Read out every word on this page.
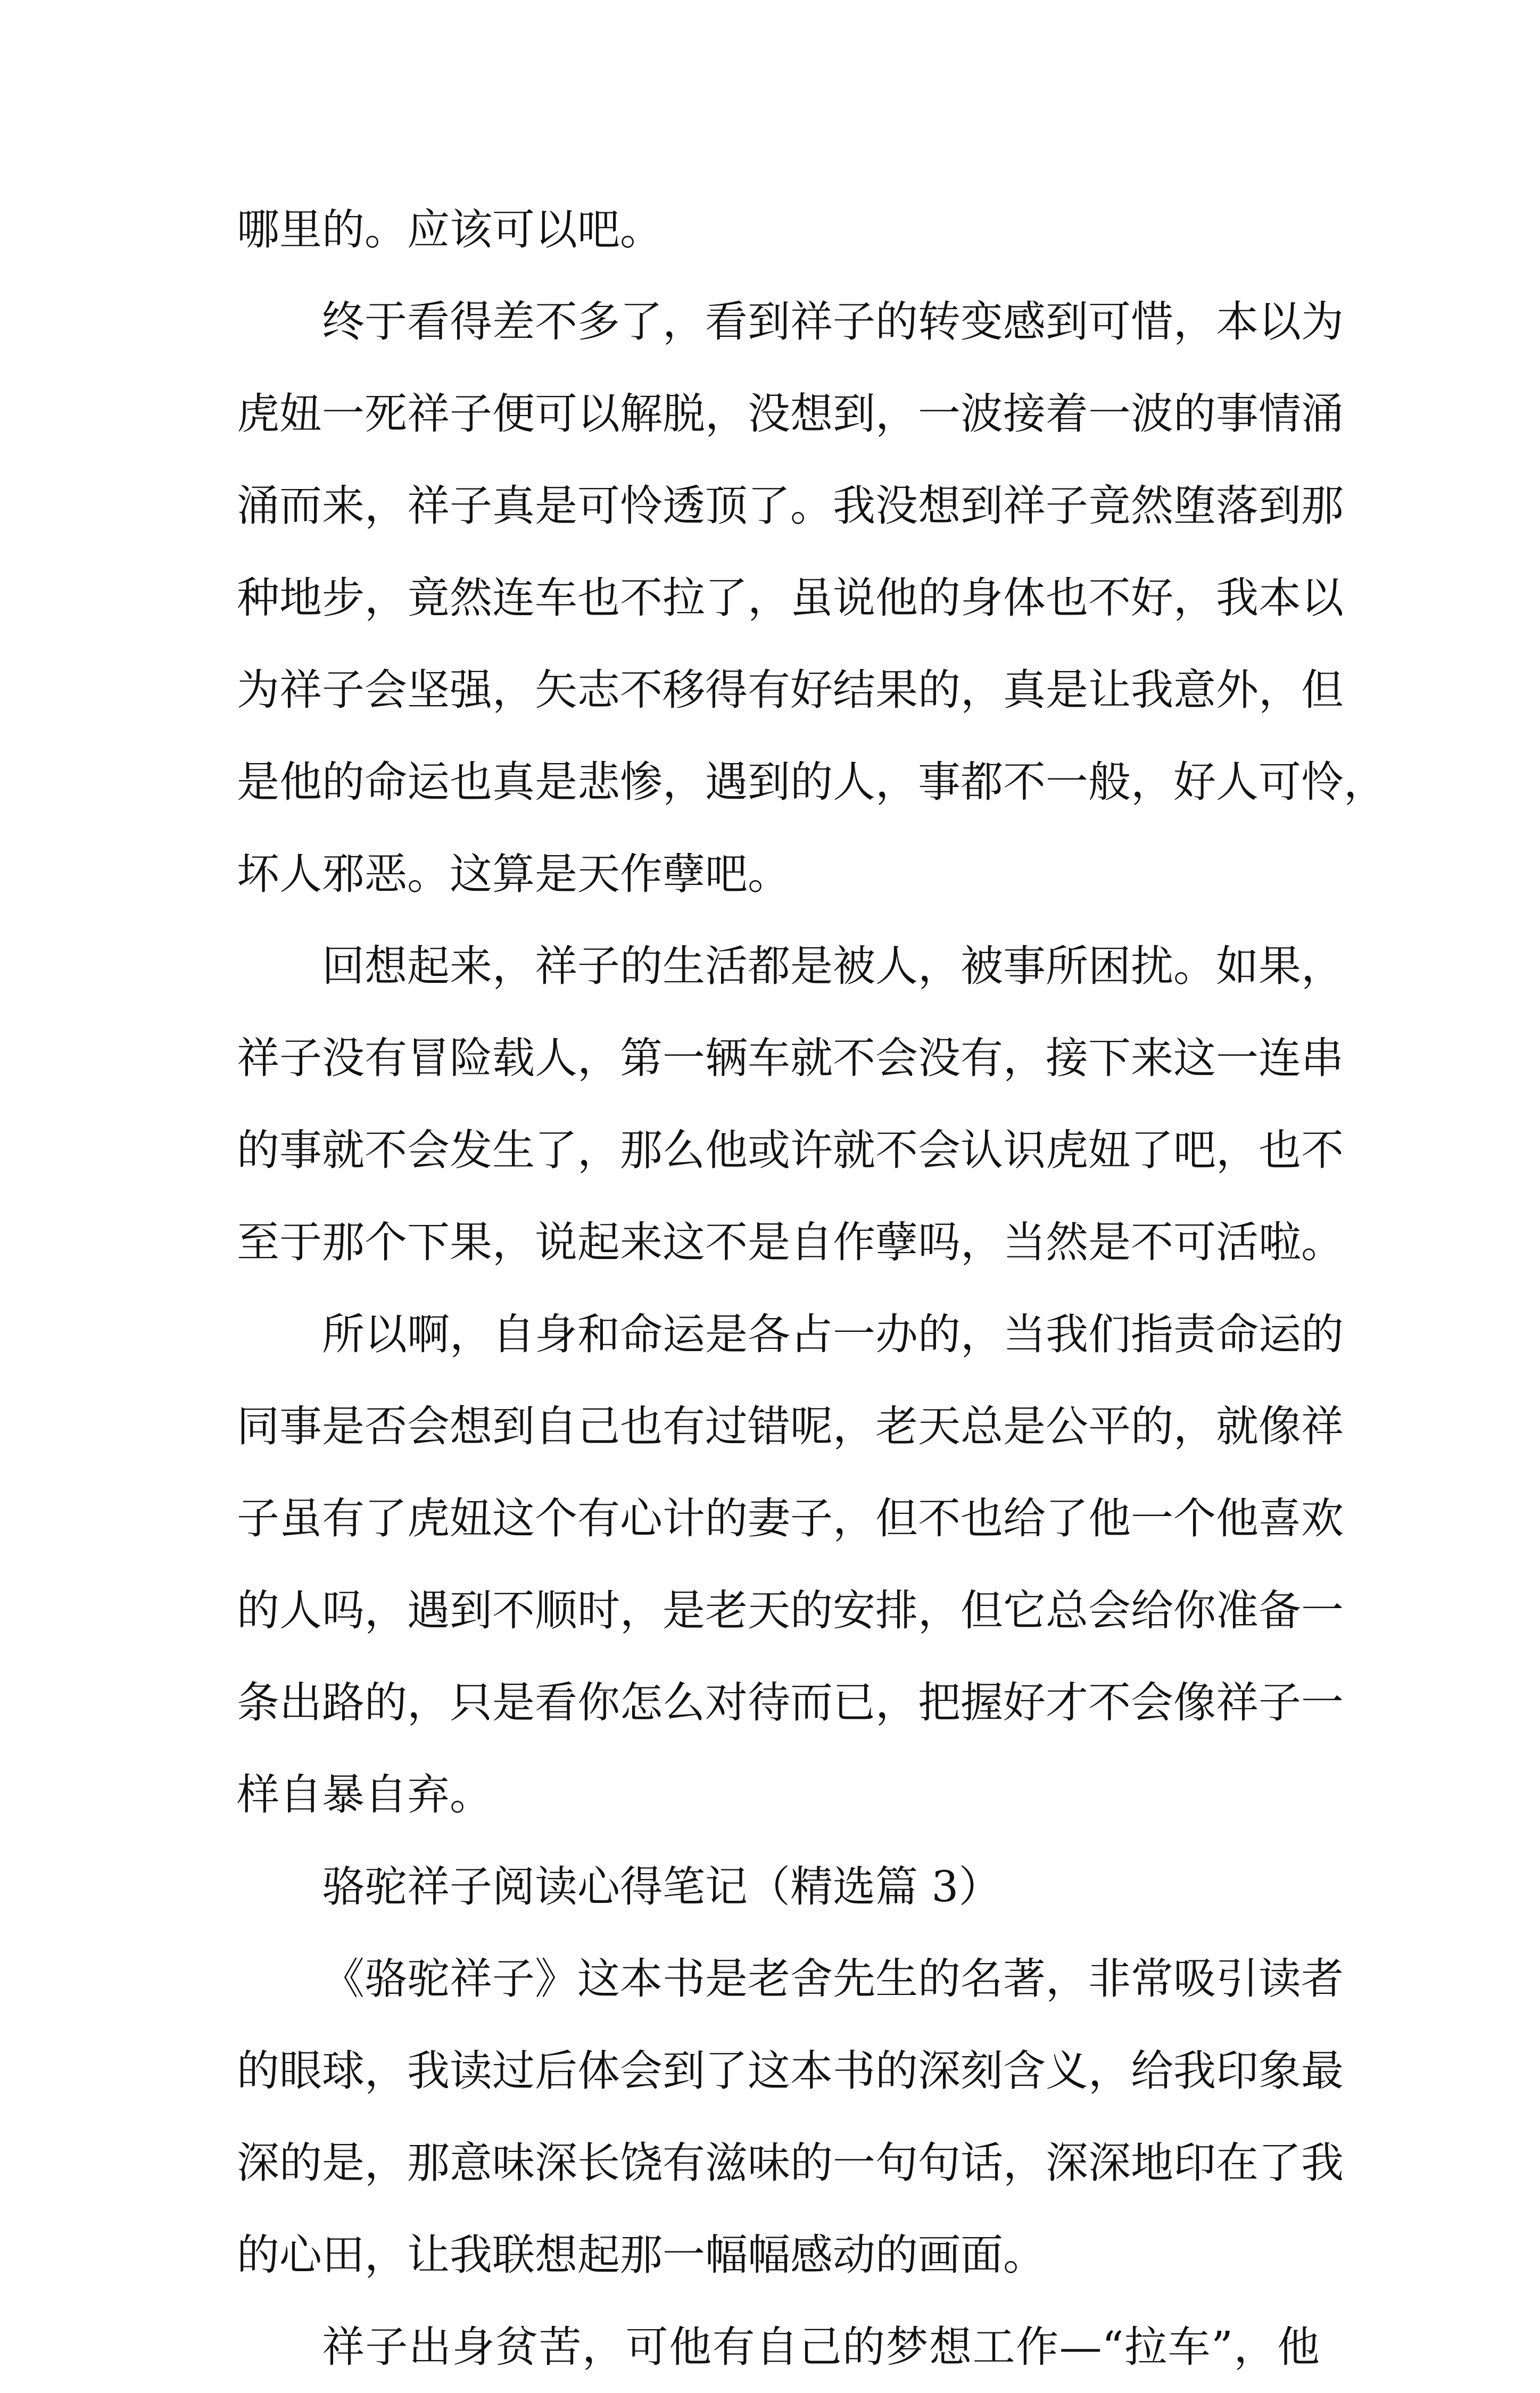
哪里的。应该可以吧。

终于看得差不多了，看到祥子的转变感到可惜，本以为

虎妞一死祥子便可以解脱，没想到，一波接着一波的事情涌

涌而来，祥子真是可怜透顶了。我没想到祥子竟然堕落到那

种地步，竟然连车也不拉了，虽说他的身体也不好，我本以

为祥子会坚强，矢志不移得有好结果的，真是让我意外，但

是他的命运也真是悲惨，遇到的人，事都不一般，好人可怜，

坏人邪恶。这算是天作孽吧。

回想起来，祥子的生活都是被人，被事所困扰。如果，

祥子没有冒险载人，第一辆车就不会没有，接下来这一连串

的事就不会发生了，那么他或许就不会认识虎妞了吧，也不

至于那个下果，说起来这不是自作孽吗，当然是不可活啦。

所以啊，自身和命运是各占一办的，当我们指责命运的

同事是否会想到自己也有过错呢，老天总是公平的，就像祥

子虽有了虎妞这个有心计的妻子，但不也给了他一个他喜欢

的人吗，遇到不顺时，是老天的安排，但它总会给你准备一

条出路的，只是看你怎么对待而已，把握好才不会像祥子一

样自暴自弃。

骆驼祥子阅读心得笔记（精选篇 3）

《骆驼祥子》这本书是老舍先生的名著，非常吸引读者

的眼球，我读过后体会到了这本书的深刻含义，给我印象最

深的是，那意味深长饶有滋味的一句句话，深深地印在了我

的心田，让我联想起那一幅幅感动的画面。

祥子出身贫苦，可他有自己的梦想工作—“拉车”，他
